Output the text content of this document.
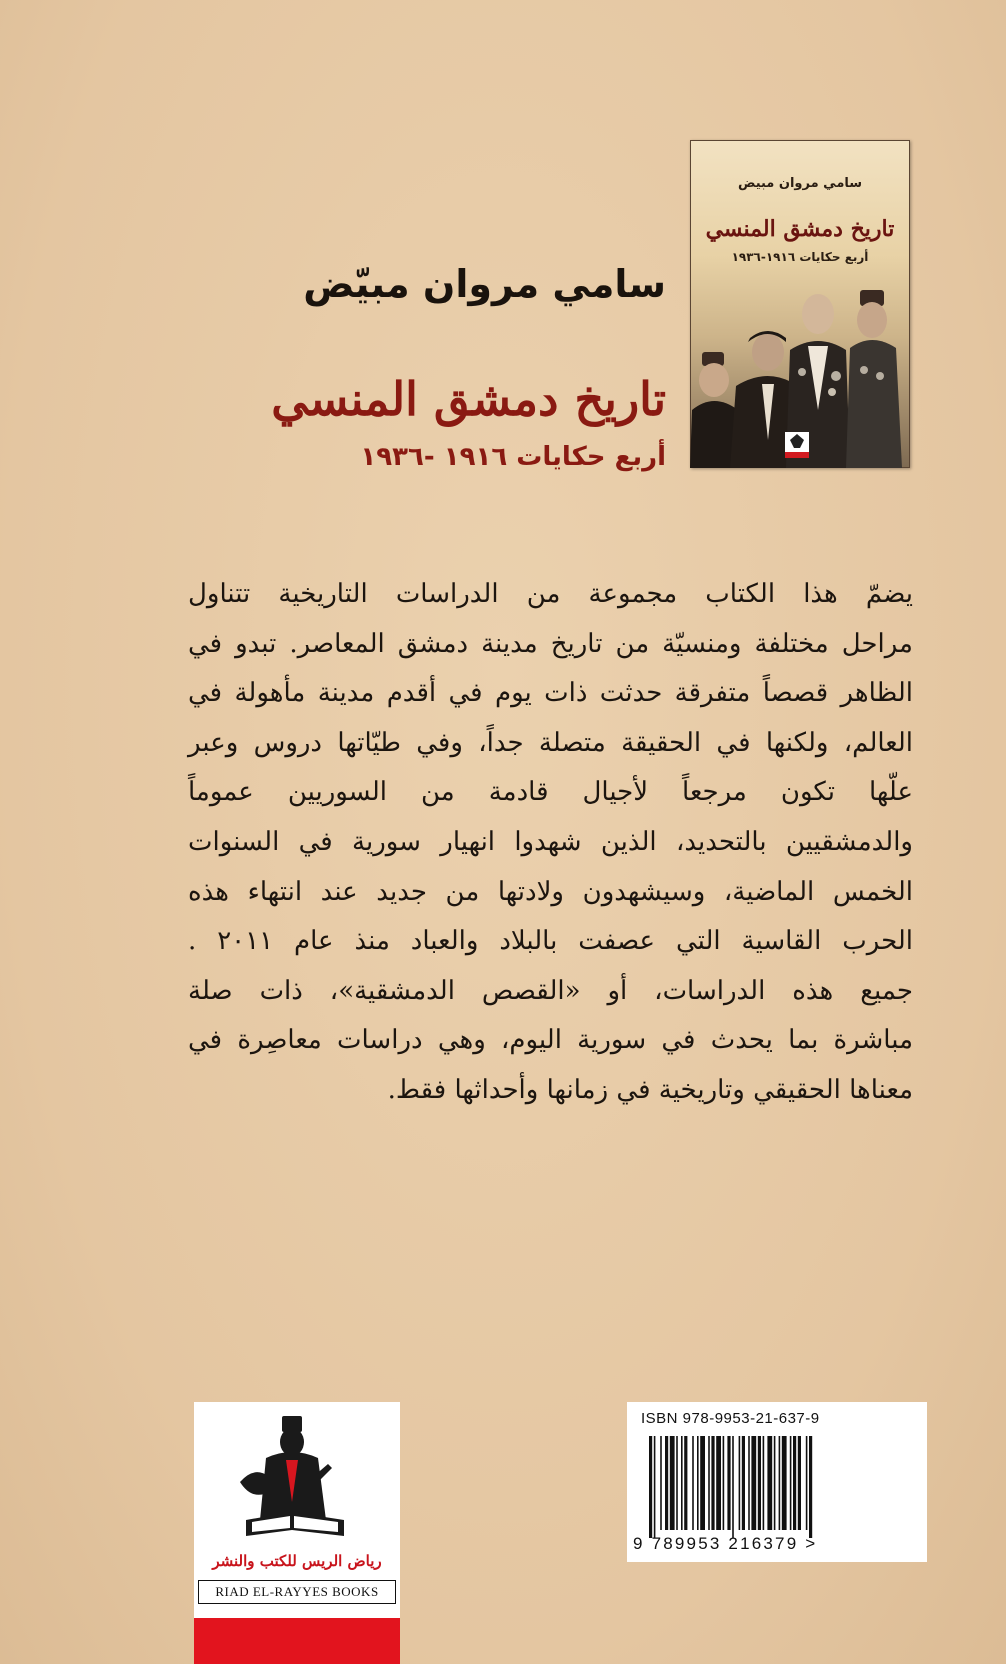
سامي مروان مبيض
تاريخ دمشق المنسي
أربع حكايات ١٩١٦-١٩٣٦
سامي مروان مبيّض
تاريخ دمشق المنسي
أربع حكايات ١٩١٦ -١٩٣٦

يضمّ هذا الكتاب مجموعة من الدراسات التاريخية تتناول

مراحل مختلفة ومنسيّة من تاريخ مدينة دمشق المعاصر. تبدو في

الظاهر قصصاً متفرقة حدثت ذات يوم في أقدم مدينة مأهولة في

العالم، ولكنها في الحقيقة متصلة جداً، وفي طيّاتها دروس وعبر

علّها تكون مرجعاً لأجيال قادمة من السوريين عموماً

والدمشقيين بالتحديد، الذين شهدوا انهيار سورية في السنوات

الخمس الماضية، وسيشهدون ولادتها من جديد عند انتهاء هذه

الحرب القاسية التي عصفت بالبلاد والعباد منذ عام ٢٠١١ .

جميع هذه الدراسات، أو «القصص الدمشقية»، ذات صلة

مباشرة بما يحدث في سورية اليوم، وهي دراسات معاصِرة في

معناها الحقيقي وتاريخية في زمانها وأحداثها فقط.

رياض الريس للكتب والنشر
RIAD EL-RAYYES BOOKS
ISBN 978-9953-21-637-9
9 789953 216379 >
